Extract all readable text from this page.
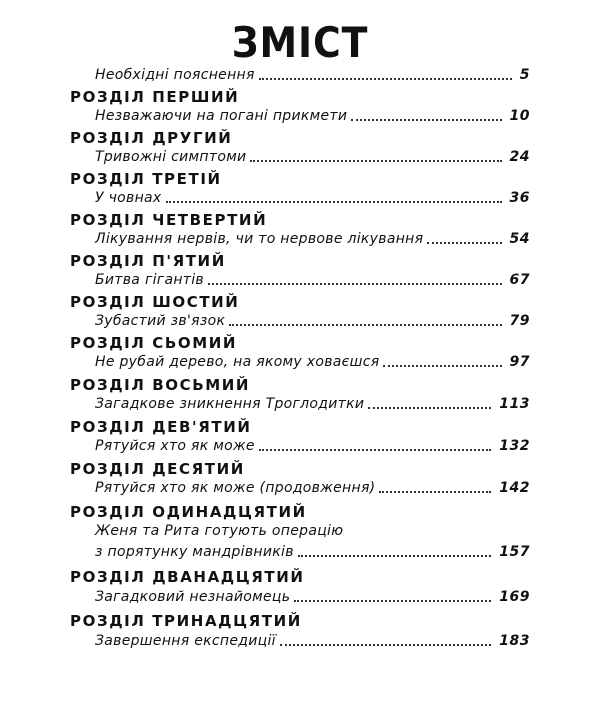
ЗМІСТ
Необхідні пояснення	5
РОЗДІЛ ПЕРШИЙ
Незважаючи на погані прикмети	10
РОЗДІЛ ДРУГИЙ
Тривожні симптоми	24
РОЗДІЛ ТРЕТІЙ
У човнах	36
РОЗДІЛ ЧЕТВЕРТИЙ
Лікування нервів, чи то нервове лікування	54
РОЗДІЛ П'ЯТИЙ
Битва гігантів	67
РОЗДІЛ ШОСТИЙ
Зубастий зв'язок	79
РОЗДІЛ СЬОМИЙ
Не рубай дерево, на якому ховаєшся	97
РОЗДІЛ ВОСЬМИЙ
Загадкове зникнення Троглодитки	113
РОЗДІЛ ДЕВ'ЯТИЙ
Рятуйся хто як може	132
РОЗДІЛ ДЕСЯТИЙ
Рятуйся хто як може (продовження)	142
РОЗДІЛ ОДИНАДЦЯТИЙ
Женя та Рита готують операцію
з порятунку мандрівників	157
РОЗДІЛ ДВАНАДЦЯТИЙ
Загадковий незнайомець	169
РОЗДІЛ ТРИНАДЦЯТИЙ
Завершення експедиції	183
